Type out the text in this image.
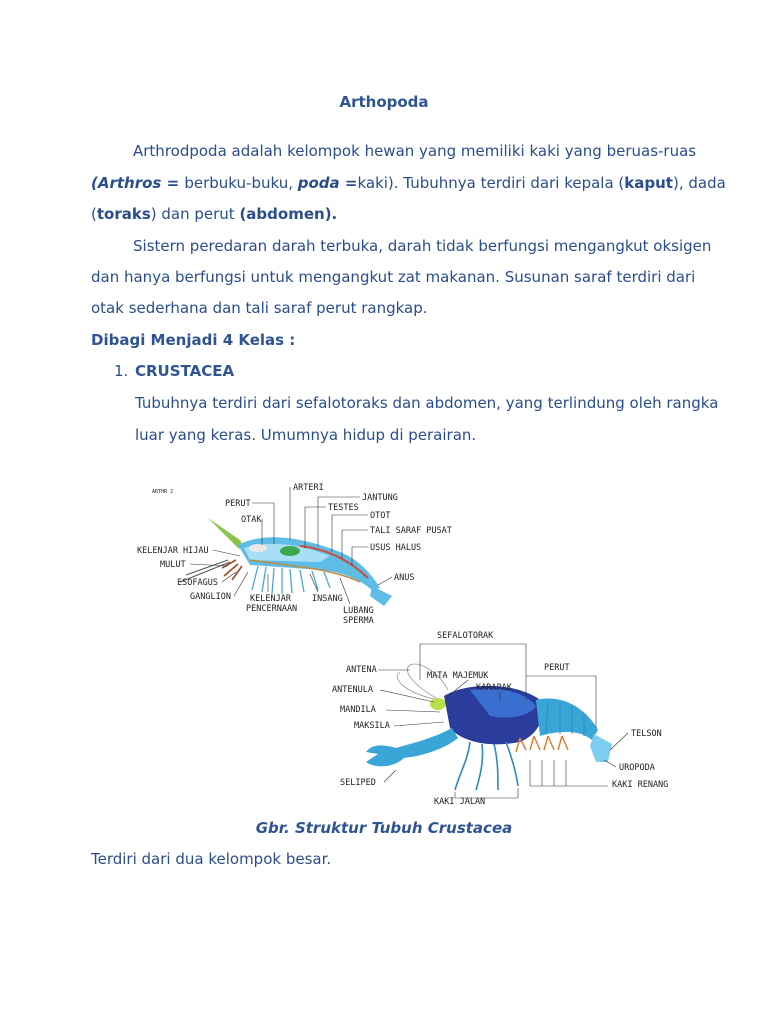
Arthopoda
Arthrodpoda adalah kelompok hewan yang memiliki kaki yang beruas-ruas
(Arthros = berbuku-buku, poda =kaki). Tubuhnya terdiri dari kepala (kaput), dada
(toraks) dan perut (abdomen).
Sistern peredaran darah terbuka, darah tidak berfungsi mengangkut oksigen
dan hanya berfungsi untuk mengangkut zat makanan. Susunan saraf terdiri dari
otak sederhana dan tali saraf perut rangkap.
Dibagi Menjadi 4 Kelas :
1. CRUSTACEA
Tubuhnya terdiri dari sefalotoraks dan abdomen, yang terlindung oleh rangka
luar yang keras. Umumnya hidup di perairan.
ARTHR 2	ARTERI
PERUT
JANTUNG
TESTES
OTAK	OTOT
TALI SARAF PUSAT
USUS HALUS
KELENJAR HIJAU
MULUT
ESOFAGUS	ANUS
GANGLION KELENJAR
PENCERNAAN
INSANG
LUBANG
SPERMA
SEFALOTORAK
ANTENA
MATA MAJEMUK
PERUT
ANTENULA	KARAPAK
MANDILA
MAKSILA
TELSON
UROPODA
SELIPED	KAKI RENANG
KAKI JALAN
Gbr. Struktur Tubuh Crustacea
Terdiri dari dua kelompok besar.
